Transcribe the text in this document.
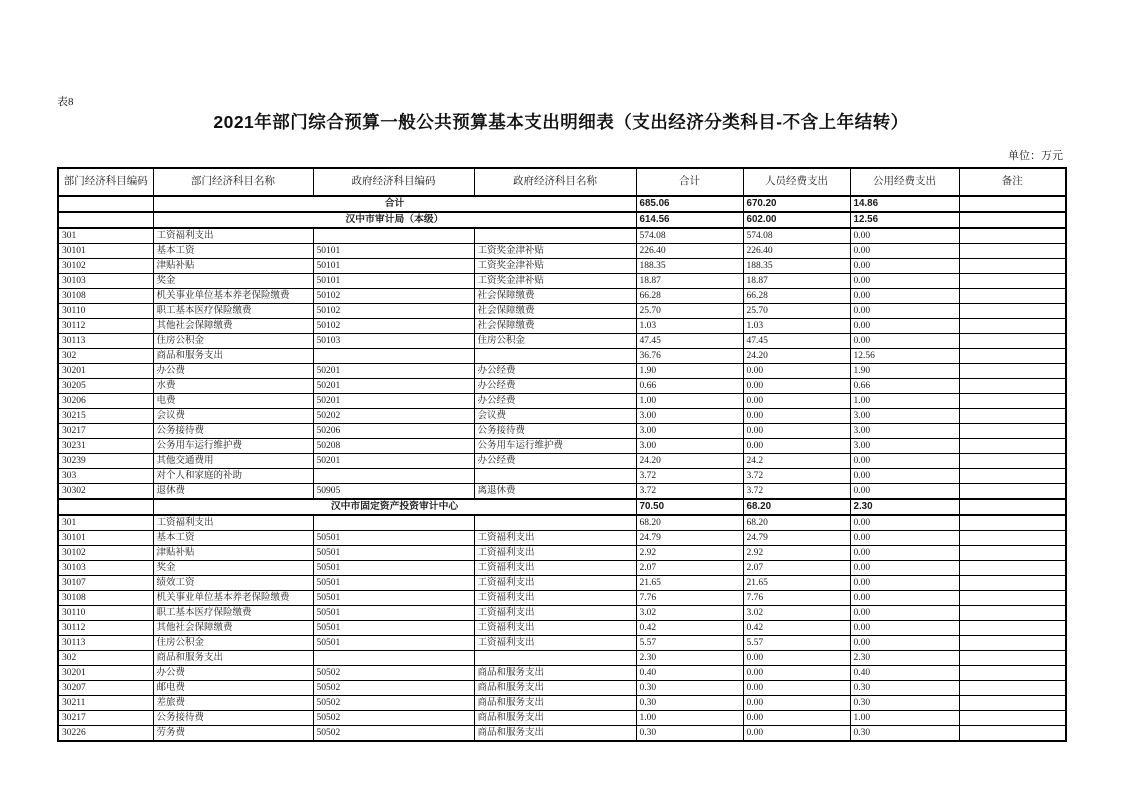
表8
2021年部门综合预算一般公共预算基本支出明细表（支出经济分类科目-不含上年结转）
单位：万元
部门经济科目编码	部门经济科目名称	政府经济科目编码	政府经济科目名称	合计	人员经费支出	公用经费支出	备注
	合计			685.06	670.20	14.86	
	汉中市审计局（本级）			614.56	602.00	12.56	
301	工资福利支出			574.08	574.08	0.00	
30101	基本工资	50101	工资奖金津补贴	226.40	226.40	0.00	
30102	津贴补贴	50101	工资奖金津补贴	188.35	188.35	0.00	
30103	奖金	50101	工资奖金津补贴	18.87	18.87	0.00	
30108	机关事业单位基本养老保险缴费	50102	社会保障缴费	66.28	66.28	0.00	
30110	职工基本医疗保险缴费	50102	社会保障缴费	25.70	25.70	0.00	
30112	其他社会保障缴费	50102	社会保障缴费	1.03	1.03	0.00	
30113	住房公积金	50103	住房公积金	47.45	47.45	0.00	
302	商品和服务支出			36.76	24.20	12.56	
30201	办公费	50201	办公经费	1.90	0.00	1.90	
30205	水费	50201	办公经费	0.66	0.00	0.66	
30206	电费	50201	办公经费	1.00	0.00	1.00	
30215	会议费	50202	会议费	3.00	0.00	3.00	
30217	公务接待费	50206	公务接待费	3.00	0.00	3.00	
30231	公务用车运行维护费	50208	公务用车运行维护费	3.00	0.00	3.00	
30239	其他交通费用	50201	办公经费	24.20	24.2	0.00	
303	对个人和家庭的补助			3.72	3.72	0.00	
30302	退休费	50905	离退休费	3.72	3.72	0.00	
	汉中市固定资产投资审计中心			70.50	68.20	2.30	
301	工资福利支出			68.20	68.20	0.00	
30101	基本工资	50501	工资福利支出	24.79	24.79	0.00	
30102	津贴补贴	50501	工资福利支出	2.92	2.92	0.00	
30103	奖金	50501	工资福利支出	2.07	2.07	0.00	
30107	绩效工资	50501	工资福利支出	21.65	21.65	0.00	
30108	机关事业单位基本养老保险缴费	50501	工资福利支出	7.76	7.76	0.00	
30110	职工基本医疗保险缴费	50501	工资福利支出	3.02	3.02	0.00	
30112	其他社会保障缴费	50501	工资福利支出	0.42	0.42	0.00	
30113	住房公积金	50501	工资福利支出	5.57	5.57	0.00	
302	商品和服务支出			2.30	0.00	2.30	
30201	办公费	50502	商品和服务支出	0.40	0.00	0.40	
30207	邮电费	50502	商品和服务支出	0.30	0.00	0.30	
30211	差旅费	50502	商品和服务支出	0.30	0.00	0.30	
30217	公务接待费	50502	商品和服务支出	1.00	0.00	1.00	
30226	劳务费	50502	商品和服务支出	0.30	0.00	0.30	
